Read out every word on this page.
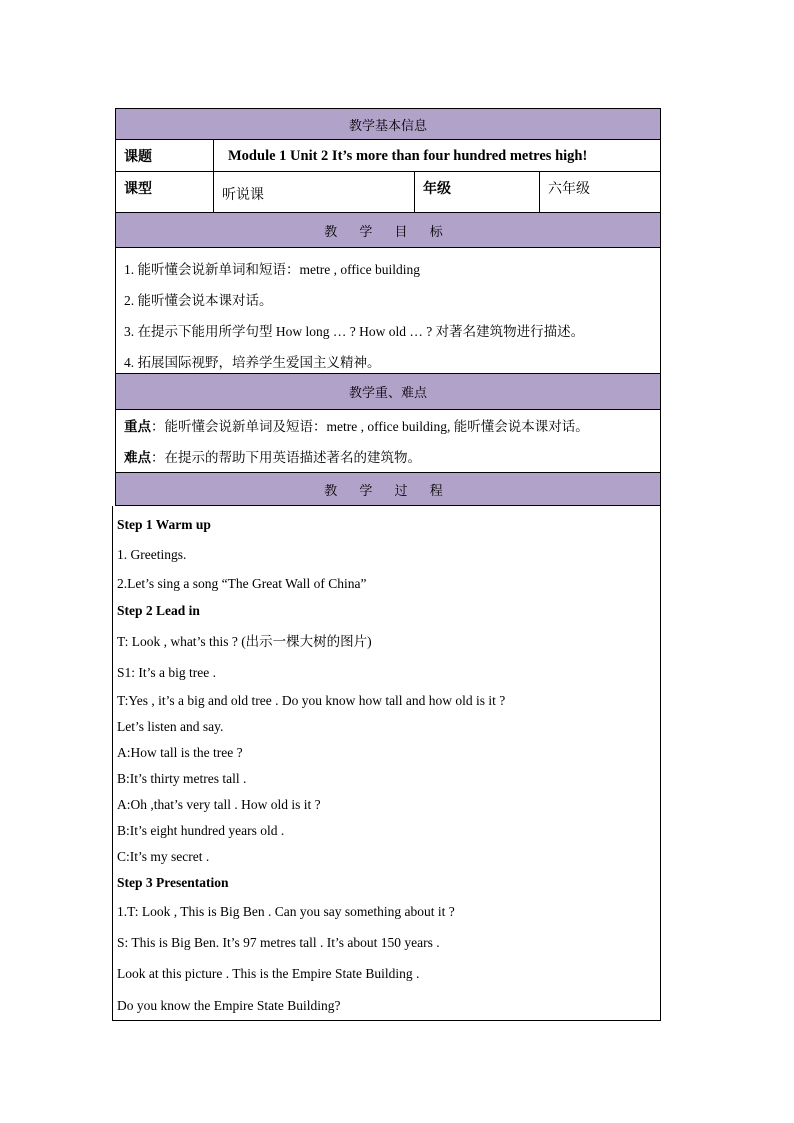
教学基本信息
课题	Module 1 Unit 2 It’s more than four hundred metres high!
课型	听说课	年级	六年级
教 学 目 标

1. 能听懂会说新单词和短语：metre , office building

2. 能听懂会说本课对话。

3. 在提示下能用所学句型 How long … ? How old … ? 对著名建筑物进行描述。

4. 拓展国际视野，培养学生爱国主义精神。

教学重、难点

重点：能听懂会说新单词及短语：metre , office building, 能听懂会说本课对话。

难点：在提示的帮助下用英语描述著名的建筑物。

教 学 过 程

Step 1 Warm up

1. Greetings.

2.Let’s sing a song “The Great Wall of China”

Step 2 Lead in

T: Look , what’s this ? (出示一棵大树的图片)

S1: It’s a big tree .

T:Yes , it’s a big and old tree . Do you know how tall and how old is it ?

Let’s listen and say.

A:How tall is the tree ?

B:It’s thirty metres tall .

A:Oh ,that’s very tall . How old is it ?

B:It’s eight hundred years old .

C:It’s my secret .

Step 3 Presentation

1.T: Look , This is Big Ben . Can you say something about it ?

S: This is Big Ben. It’s 97 metres tall . It’s about 150 years .

Look at this picture . This is the Empire State Building .

Do you know the Empire State Building?
